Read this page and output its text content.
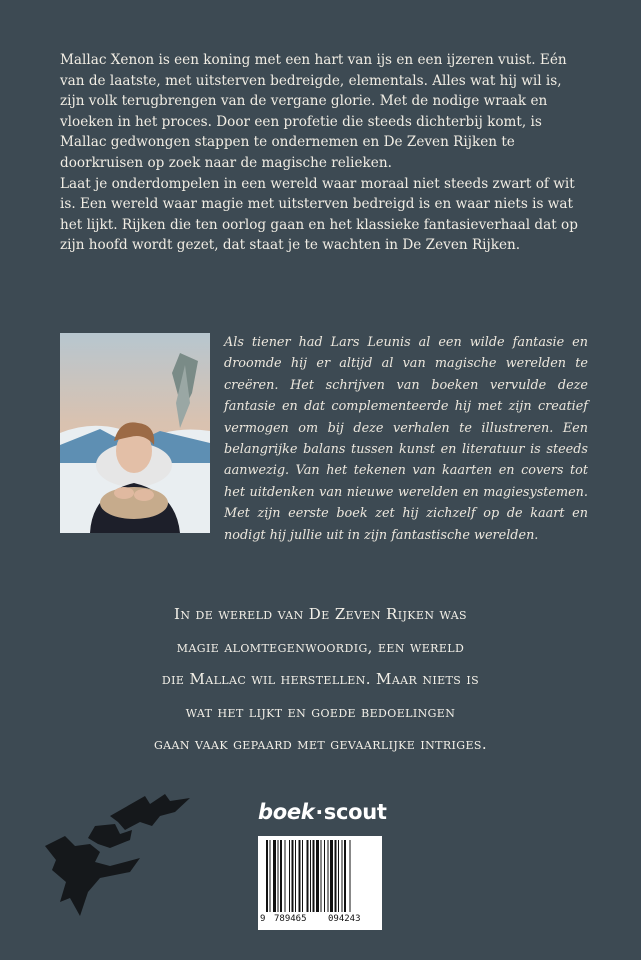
Mallac Xenon is een koning met een hart van ijs en een ijzeren vuist. Eén van de laatste, met uitsterven bedreigde, elementals. Alles wat hij wil is, zijn volk terugbrengen van de vergane glorie. Met de nodige wraak en vloeken in het proces. Door een profetie die steeds dichterbij komt, is Mallac gedwongen stappen te ondernemen en De Zeven Rijken te doorkruisen op zoek naar de magische relieken.

Laat je onderdompelen in een wereld waar moraal niet steeds zwart of wit is. Een wereld waar magie met uitsterven bedreigd is en waar niets is wat het lijkt. Rijken die ten oorlog gaan en het klassieke fantasieverhaal dat op zijn hoofd wordt gezet, dat staat je te wachten in De Zeven Rijken.

Als tiener had Lars Leunis al een wilde fantasie en droomde hij er altijd al van magische werelden te creëren. Het schrijven van boeken vervulde deze fantasie en dat complementeerde hij met zijn creatief vermogen om bij deze verhalen te illustreren. Een belangrijke balans tussen kunst en literatuur is steeds aanwezig. Van het tekenen van kaarten en covers tot het uitdenken van nieuwe werelden en magiesystemen. Met zijn eerste boek zet hij zichzelf op de kaart en nodigt hij jullie uit in zijn fantastische werelden.

In de wereld van De Zeven Rijken was
magie alomtegenwoordig, een wereld
die Mallac wil herstellen. Maar niets is
wat het lijkt en goede bedoelingen
gaan vaak gepaard met gevaarlijke intriges.
boek·scout
9 789465 094243
